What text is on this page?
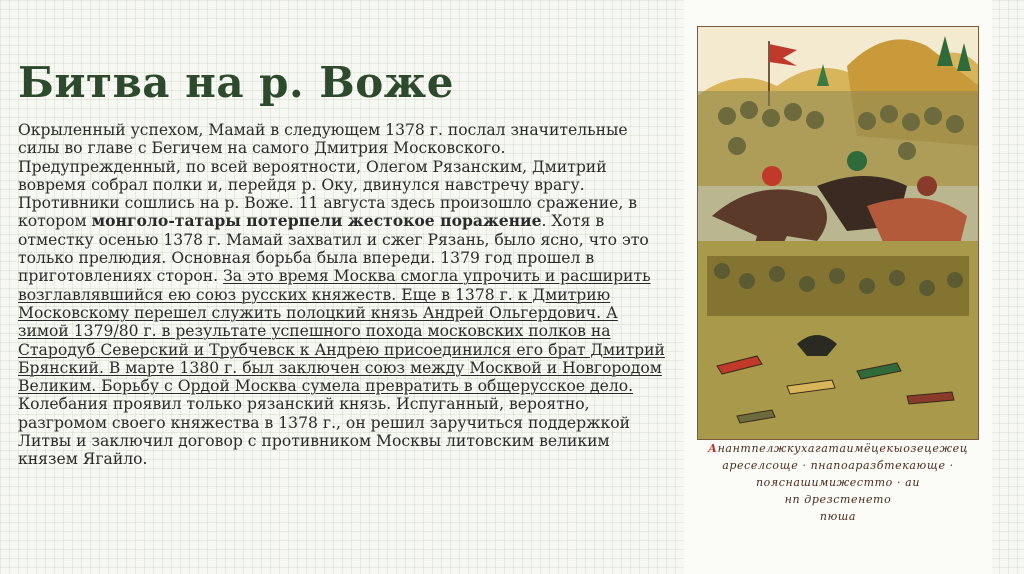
Битва на р. Воже
Окрыленный успехом, Мамай в следующем 1378 г. послал значительные силы во главе с Бегичем на самого Дмитрия Московского. Предупрежденный, по всей вероятности, Олегом Рязанским, Дмитрий вовремя собрал полки и, перейдя р. Оку, двинулся навстречу врагу. Противники сошлись на р. Воже. 11 августа здесь произошло сражение, в котором монголо-татары потерпели жестокое поражение. Хотя в отместку осенью 1378 г. Мамай захватил и сжег Рязань, было ясно, что это только прелюдия. Основная борьба была впереди. 1379 год прошел в приготовлениях сторон. За это время Москва смогла упрочить и расширить возглавлявшийся ею союз русских княжеств. Еще в 1378 г. к Дмитрию Московскому перешел служить полоцкий князь Андрей Ольгердович. А зимой 1379/80 г. в результате успешного похода московских полков на Стародуб Северский и Трубчевск к Андрею присоединился его брат Дмитрий Брянский. В марте 1380 г. был заключен союз между Москвой и Новгородом Великим. Борьбу с Ордой Москва сумела превратить в общерусское дело. Колебания проявил только рязанский князь. Испуганный, вероятно, разгромом своего княжества в 1378 г., он решил заручиться поддержкой Литвы и заключил договор с противником Москвы литовским великим князем Ягайло.
Анантпелжкухагатаимёцекыозецежец
ареселсоще · пнапоаразбтекающе ·
пояснашимижестто · аи
нп дрезстенето
пюша
